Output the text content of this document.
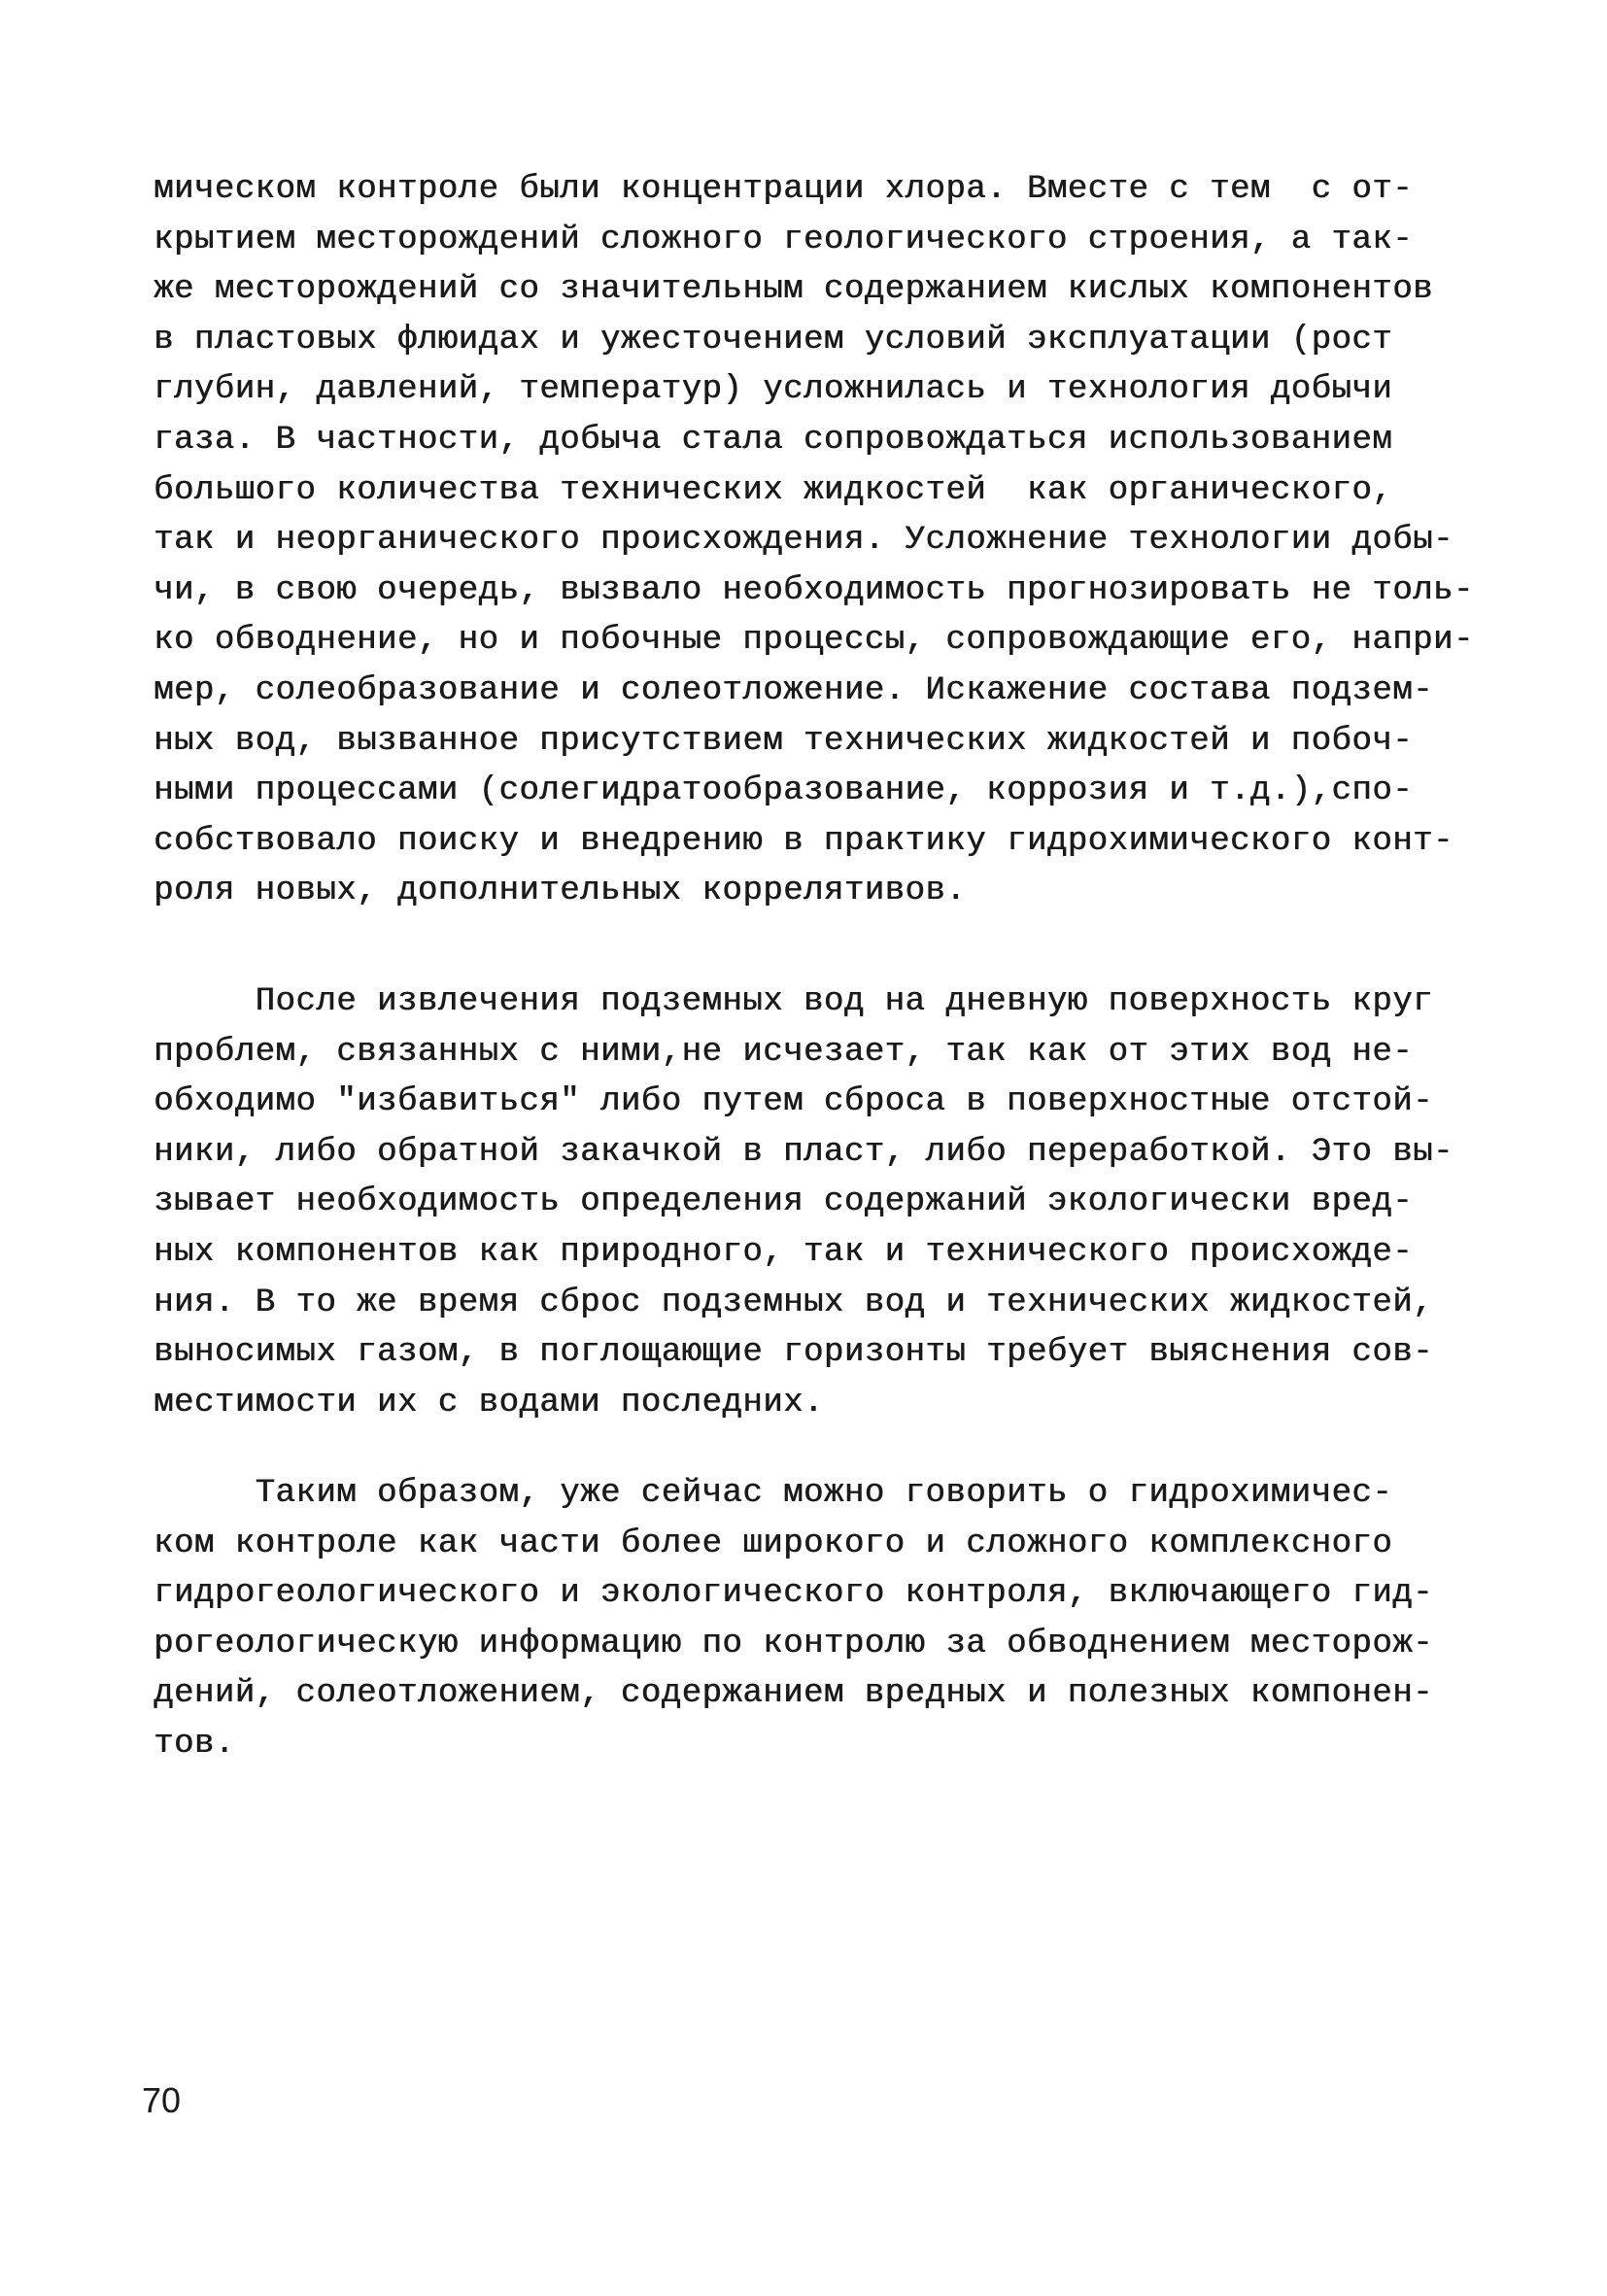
мическом контроле были концентрации хлора. Вместе с тем  с от-
крытием месторождений сложного геологического строения, а так-
же месторождений со значительным содержанием кислых компонентов
в пластовых флюидах и ужесточением условий эксплуатации (рост
глубин, давлений, температур) усложнилась и технология добычи
газа. В частности, добыча стала сопровождаться использованием
большого количества технических жидкостей  как органического,
так и неорганического происхождения. Усложнение технологии добы-
чи, в свою очередь, вызвало необходимость прогнозировать не толь-
ко обводнение, но и побочные процессы, сопровождающие его, напри-
мер, солеобразование и солеотложение. Искажение состава подзем-
ных вод, вызванное присутствием технических жидкостей и побоч-
ными процессами (солегидратообразование, коррозия и т.д.),спо-
собствовало поиску и внедрению в практику гидрохимического конт-
роля новых, дополнительных коррелятивов.
После извлечения подземных вод на дневную поверхность круг
проблем, связанных с ними,не исчезает, так как от этих вод не-
обходимо "избавиться" либо путем сброса в поверхностные отстой-
ники, либо обратной закачкой в пласт, либо переработкой. Это вы-
зывает необходимость определения содержаний экологически вред-
ных компонентов как природного, так и технического происхожде-
ния. В то же время сброс подземных вод и технических жидкостей,
выносимых газом, в поглощающие горизонты требует выяснения сов-
местимости их с водами последних.
Таким образом, уже сейчас можно говорить о гидрохимичес-
ком контроле как части более широкого и сложного комплексного
гидрогеологического и экологического контроля, включающего гид-
рогеологическую информацию по контролю за обводнением месторож-
дений, солеотложением, содержанием вредных и полезных компонен-
тов.
70
